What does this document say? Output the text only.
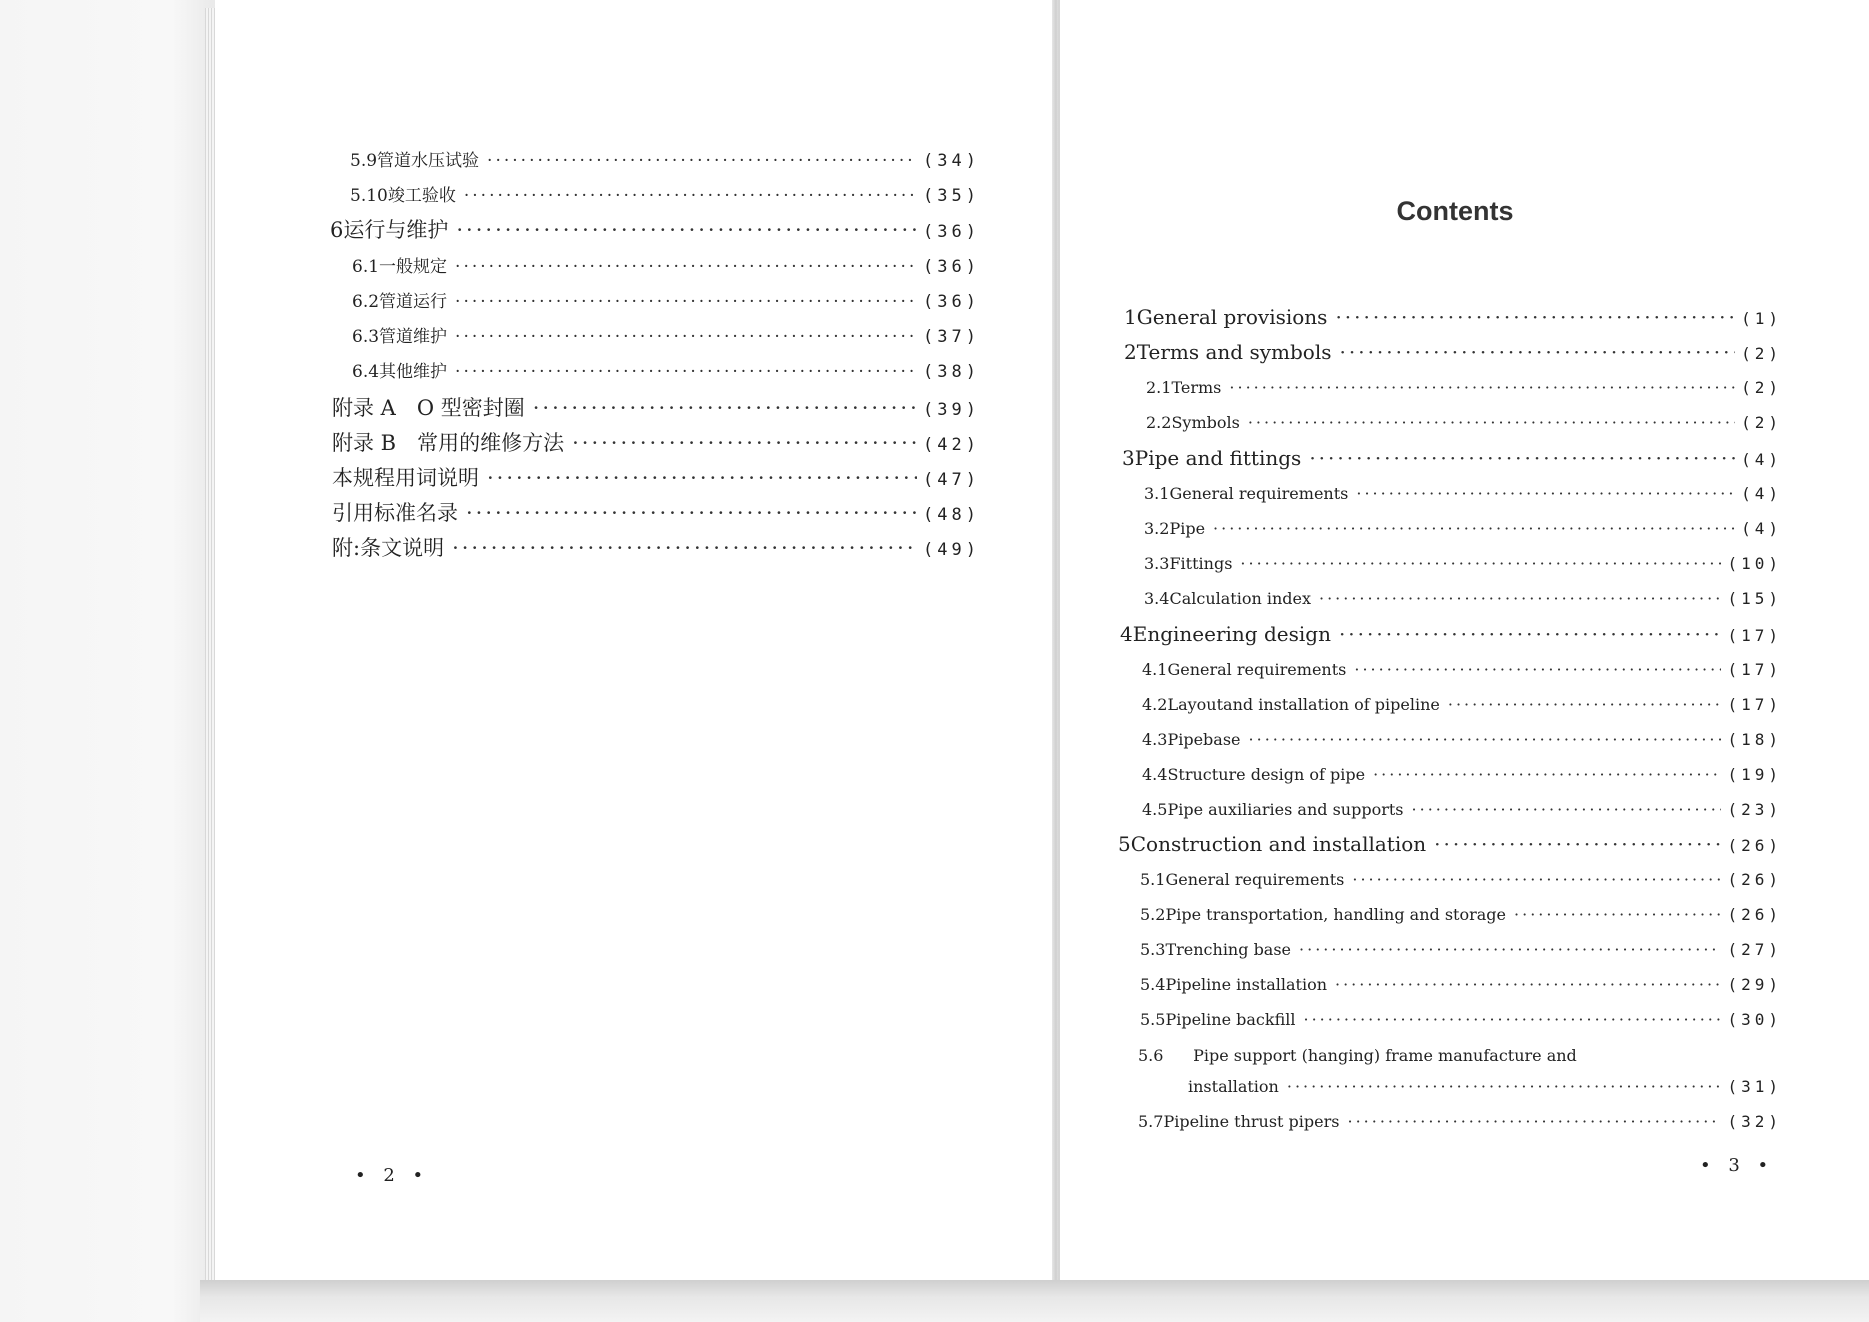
5.9 管道水压试验 ·····	(34)
5.10 竣工验收 ·····	(35)
6 运行与维护 ·····	(36)
6.1 一般规定 ·····	(36)
6.2 管道运行 ·····	(36)
6.3 管道维护 ·····	(37)
6.4 其他维护 ·····	(38)
附录 A　O 型密封圈 ·····	(39)
附录 B　常用的维修方法 ·····	(42)
本规程用词说明 ·····	(47)
引用标准名录 ·····	(48)
附:条文说明 ·····	(49)
• 2 •
Contents
1 General provisions ·····	(1)
2 Terms and symbols ·····	(2)
2.1 Terms ·····	(2)
2.2 Symbols ·····	(2)
3 Pipe and fittings ·····	(4)
3.1 General requirements ·····	(4)
3.2 Pipe ·····	(4)
3.3 Fittings ·····	(10)
3.4 Calculation index ·····	(15)
4 Engineering design ·····	(17)
4.1 General requirements ·····	(17)
4.2 Layoutand installation of pipeline ·····	(17)
4.3 Pipebase ·····	(18)
4.4 Structure design of pipe ·····	(19)
4.5 Pipe auxiliaries and supports ·····	(23)
5 Construction and installation ·····	(26)
5.1 General requirements ·····	(26)
5.2 Pipe transportation, handling and storage ·····	(26)
5.3 Trenching base ·····	(27)
5.4 Pipeline installation ·····	(29)
5.5 Pipeline backfill ·····	(30)
5.6 Pipe support (hanging) frame manufacture and
installation ·····	(31)
5.7 Pipeline thrust pipers ·····	(32)
• 3 •
